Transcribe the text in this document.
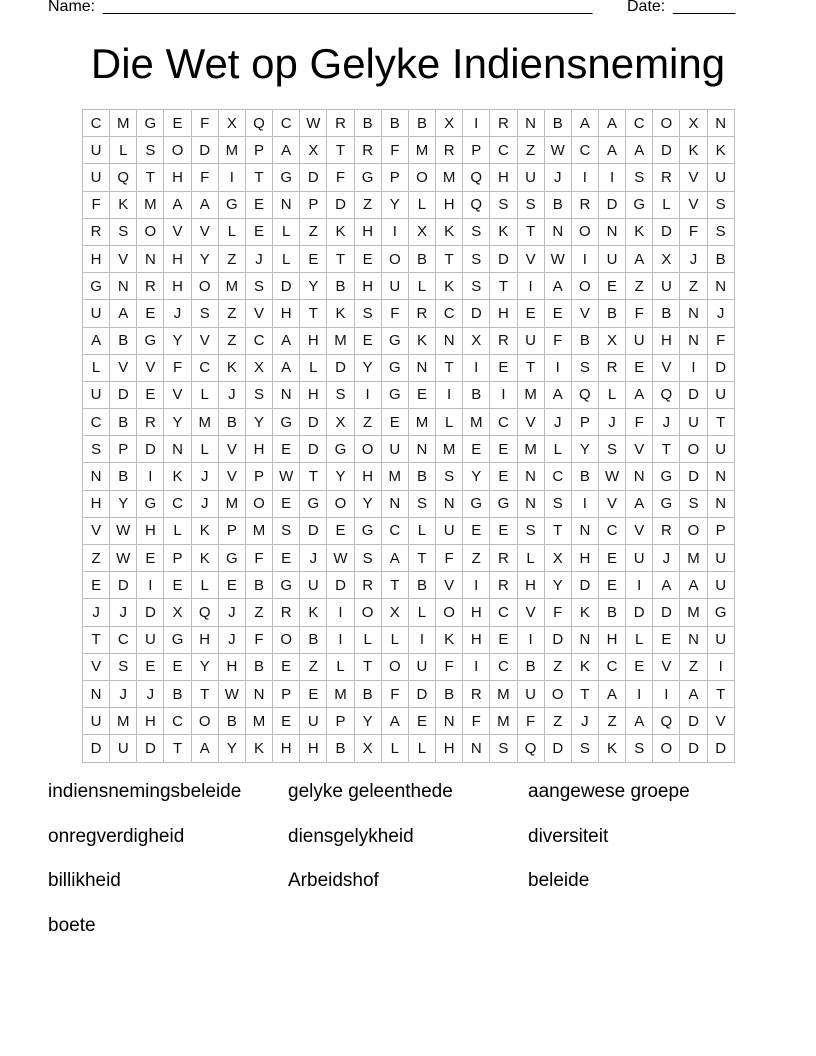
Name: _______________________________________________________ Date: _______
Die Wet op Gelyke Indiensneming
C	M	G	E	F	X	Q	C W R	B	B	B	X	I	R	N	B	A	A	C	O	X	N
U	L	S	O	D	M	P	A	X	T	R	F	M	R	P	C	Z	W C	A	A	D	K	K
U	Q	T	H	F	I	T	G	D	F	G	P	O	M	Q	H	U	J	I	I	S	R	V	U
F	K	M	A	A	G	E	N	P	D	Z	Y	L	H	Q	S	S	B	R	D	G	L	V	S
R	S	O	V	V	L	E	L	Z	K	H	I	X	K	S	K	T	N	O	N	K	D	F	S
H	V	N	H	Y	Z	J	L	E	T	E	O	B	T	S	D	V	W	I	U	A	X	J	B
G	N	R	H	O	M	S	D	Y	B	H	U	L	K	S	T	I	A	O	E	Z	U	Z	N
U	A	E	J	S	Z	V	H	T	K	S	F	R	C	D	H	E	E	V	B	F	B	N	J
A	B	G	Y	V	Z	C	A	H	M	E	G	K	N	X	R	U	F	B	X	U	H	N	F
L	V	V	F	C	K	X	A	L	D	Y	G	N	T	I	E	T	I	S	R	E	V	I	D
U	D	E	V	L	J	S	N	H	S	I	G	E	I	B	I	M	A	Q	L	A	Q	D	U
C	B	R	Y	M	B	Y	G	D	X	Z	E	M	L	M	C	V	J	P	J	F	J	U	T
S	P	D	N	L	V	H	E	D	G	O	U	N	M	E	E	M	L	Y	S	V	T	O	U
N	B	I	K	J	V	P	W	T	Y	H	M	B	S	Y	E	N	C	B	W N	G	D	N
H	Y	G	C	J	M	O	E	G	O	Y	N	S	N	G	G	N	S	I	V	A	G	S	N
V	W H	L	K	P	M	S	D	E	G	C	L	U	E	E	S	T	N	C	V	R	O	P
Z	W	E	P	K	G	F	E	J	W	S	A	T	F	Z	R	L	X	H	E	U	J	M	U
E	D	I	E	L	E	B	G	U	D	R	T	B	V	I	R	H	Y	D	E	I	A	A	U
J	J	D	X	Q	J	Z	R	K	I	O	X	L	O	H	C	V	F	K	B	D	D	M	G
T	C	U	G	H	J	F	O	B	I	L	L	I	K	H	E	I	D	N	H	L	E	N	U
V	S	E	E	Y	H	B	E	Z	L	T	O	U	F	I	C	B	Z	K	C	E	V	Z	I
N	J	J	B	T	W N	P	E	M	B	F	D	B	R	M	U	O	T	A	I	I	A	T
U	M	H	C	O	B	M	E	U	P	Y	A	E	N	F	M	F	Z	J	Z	A	Q	D	V
D	U	D	T	A	Y	K	H	H	B	X	L	L	H	N	S	Q	D	S	K	S	O	D	D
indiensnemingsbeleide	gelyke geleenthede	aangewese groepe
onregverdigheid	diensgelykheid	diversiteit
billikheid	Arbeidshof	beleide
boete
